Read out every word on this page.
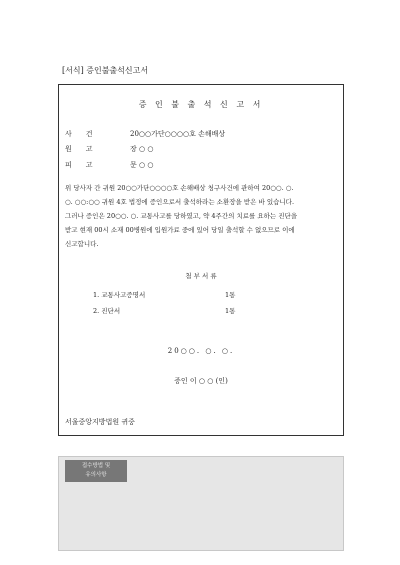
[서식] 증인불출석신고서
증 인 불 출 석 신 고 서
사건	20○○가단○○○○호 손해배상
원고	장 ○ ○
피고	문 ○ ○
위 당사자 간 귀원 20○○가단○○○○호 손해배상 청구사건에 관하여 20○○. ○.
○. ○○:○○ 귀원 4호 법정에 증인으로서 출석하라는 소환장을 받은 바 있습니다.
그러나 증인은 20○○. ○. 교통사고를 당하였고, 약 4주간의 치료를 요하는 진단을
받고 현재 00시 소재 00병원에 입원가료 중에 있어 당일 출석할 수 없으므로 이에
신고합니다.
첨 부 서 류
1. 교통사고증명서	1통
2. 진단서	1통
20○○. ○. ○.
증인 이 ○ ○ (인)
서울중앙지방법원 귀중
접수방법 및
유의사항
